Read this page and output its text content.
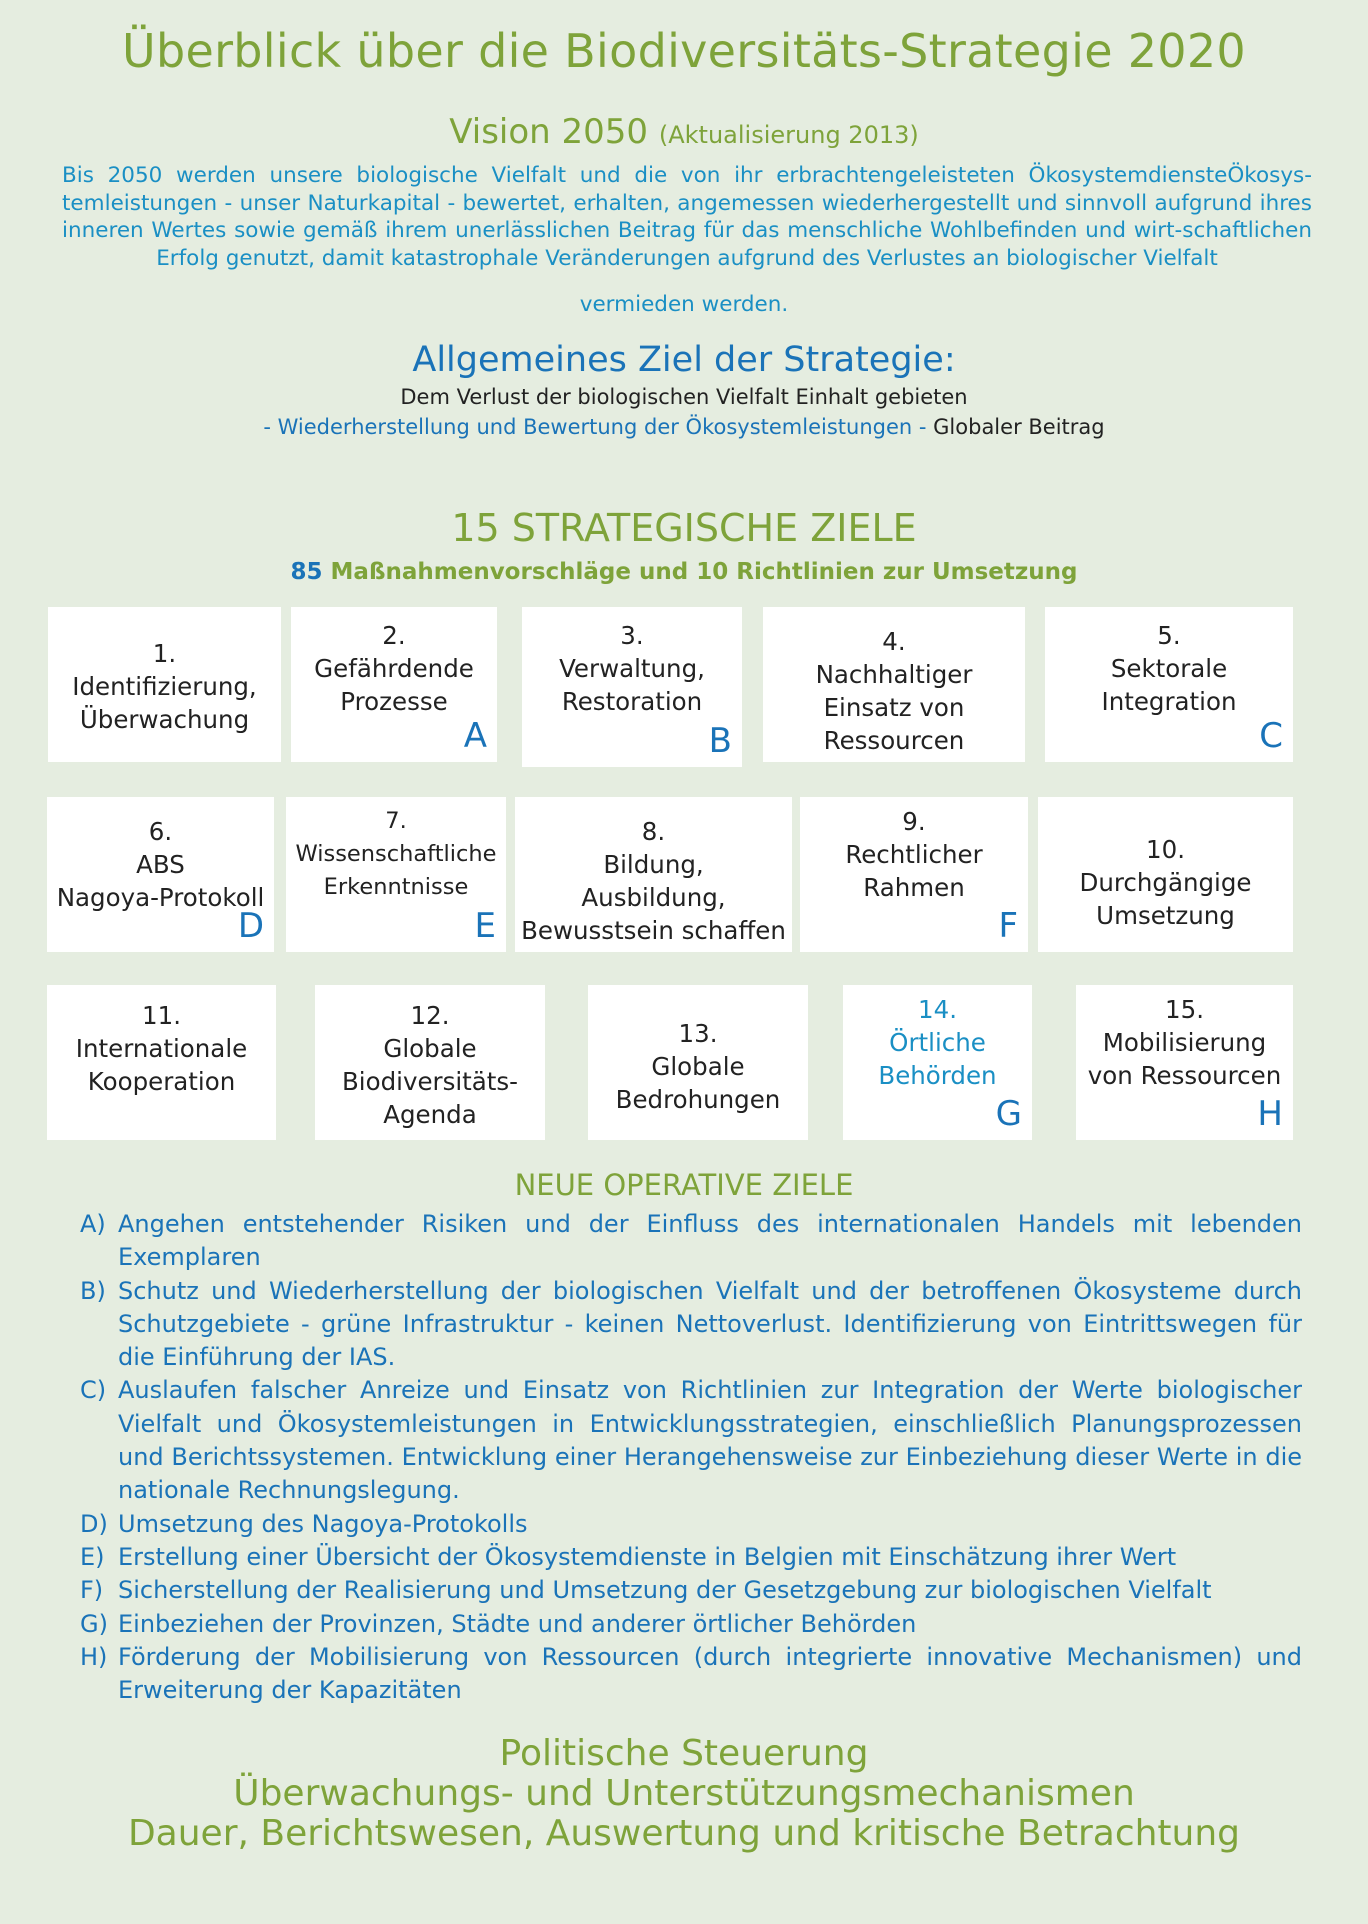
Überblick über die Biodiversitäts-Strategie 2020
Vision 2050 (Aktualisierung 2013)
Bis 2050 werden unsere biologische Vielfalt und die von ihr erbrachtengeleisteten ÖkosystemdiensteÖkosys-temleistungen - unser Naturkapital - bewertet, erhalten, angemessen wiederhergestellt und sinnvoll aufgrund ihres inneren Wertes sowie gemäß ihrem unerlässlichen Beitrag für das menschliche Wohlbefinden und wirt-schaftlichen Erfolg genutzt, damit katastrophale Veränderungen aufgrund des Verlustes an biologischer Vielfalt
vermieden werden.
Allgemeines Ziel der Strategie:
Dem Verlust der biologischen Vielfalt Einhalt gebieten
- Wiederherstellung und Bewertung der Ökosystemleistungen - Globaler Beitrag
15 STRATEGISCHE ZIELE
85 Maßnahmenvorschläge und 10 Richtlinien zur Umsetzung
1.
Identifizierung,
Überwachung
2.
Gefährdende
Prozesse
A
3.
Verwaltung,
Restoration
B
4.
Nachhaltiger
Einsatz von
Ressourcen
5.
Sektorale
Integration
C
6.
ABS
Nagoya-Protokoll
D
7.
Wissenschaftliche
Erkenntnisse
E
8.
Bildung,
Ausbildung,
Bewusstsein schaffen
9.
Rechtlicher
Rahmen
F
10.
Durchgängige
Umsetzung
11.
Internationale
Kooperation
12.
Globale
Biodiversitäts-
Agenda
13.
Globale
Bedrohungen
14.
Örtliche
Behörden
G
15.
Mobilisierung
von Ressourcen
H
NEUE OPERATIVE ZIELE
A) Angehen entstehender Risiken und der Einfluss des internationalen Handels mit lebenden Exemplaren
B) Schutz und Wiederherstellung der biologischen Vielfalt und der betroffenen Ökosysteme durch Schutzgebiete - grüne Infrastruktur - keinen Nettoverlust. Identifizierung von Eintrittswegen für die Einführung der IAS.
C) Auslaufen falscher Anreize und Einsatz von Richtlinien zur Integration der Werte biologischer Vielfalt und Ökosystemleistungen in Entwicklungsstrategien, einschließlich Planungsprozessen und Berichtssystemen. Entwicklung einer Herangehensweise zur Einbeziehung dieser Werte in die nationale Rechnungslegung.
D) Umsetzung des Nagoya-Protokolls
E) Erstellung einer Übersicht der Ökosystemdienste in Belgien mit Einschätzung ihrer Wert
F) Sicherstellung der Realisierung und Umsetzung der Gesetzgebung zur biologischen Vielfalt
G) Einbeziehen der Provinzen, Städte und anderer örtlicher Behörden
H) Förderung der Mobilisierung von Ressourcen (durch integrierte innovative Mechanismen) und Erweiterung der Kapazitäten
Politische Steuerung
Überwachungs- und Unterstützungsmechanismen
Dauer, Berichtswesen, Auswertung und kritische Betrachtung
